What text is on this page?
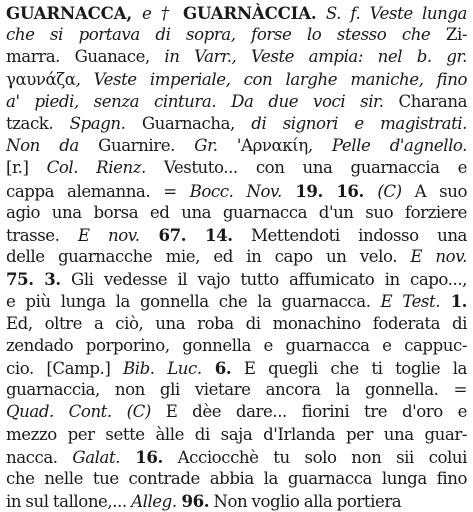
GUARNACCA, e † GUARNÀCCIA. S. f. Veste lunga
che si portava di sopra, forse lo stesso che Zi-
marra. Guanace, in Varr., Veste ampia: nel b. gr.
γαυνάζα, Veste imperiale, con larghe maniche, fino
a' piedi, senza cintura. Da due voci sir. Charana
tzack. Spagn. Guarnacha, di signori e magistrati.
Non da Guarnire. Gr. 'Αρνακίη, Pelle d'agnello.
[r.] Col. Rienz. Vestuto... con una guarnaccia e
cappa alemanna. = Bocc. Nov. 19. 16. (C) A suo
agio una borsa ed una guarnacca d'un suo forziere
trasse. E nov. 67. 14. Mettendoti indosso una
delle guarnacche mie, ed in capo un velo. E nov.
75. 3. Gli vedesse il vajo tutto affumicato in capo...,
e più lunga la gonnella che la guarnacca. E Test. 1.
Ed, oltre a ciò, una roba di monachino foderata di
zendado porporino, gonnella e guarnacca e cappuc-
cio. [Camp.] Bib. Luc. 6. E quegli che ti toglie la
guarnaccia, non gli vietare ancora la gonnella. =
Quad. Cont. (C) E dèe dare... fiorini tre d'oro e
mezzo per sette àlle di saja d'Irlanda per una guar-
nacca. Galat. 16. Acciocchè tu solo non sii colui
che nelle tue contrade abbia la guarnacca lunga fino
in sul tallone,... Alleg. 96. Non voglio alla portiera
